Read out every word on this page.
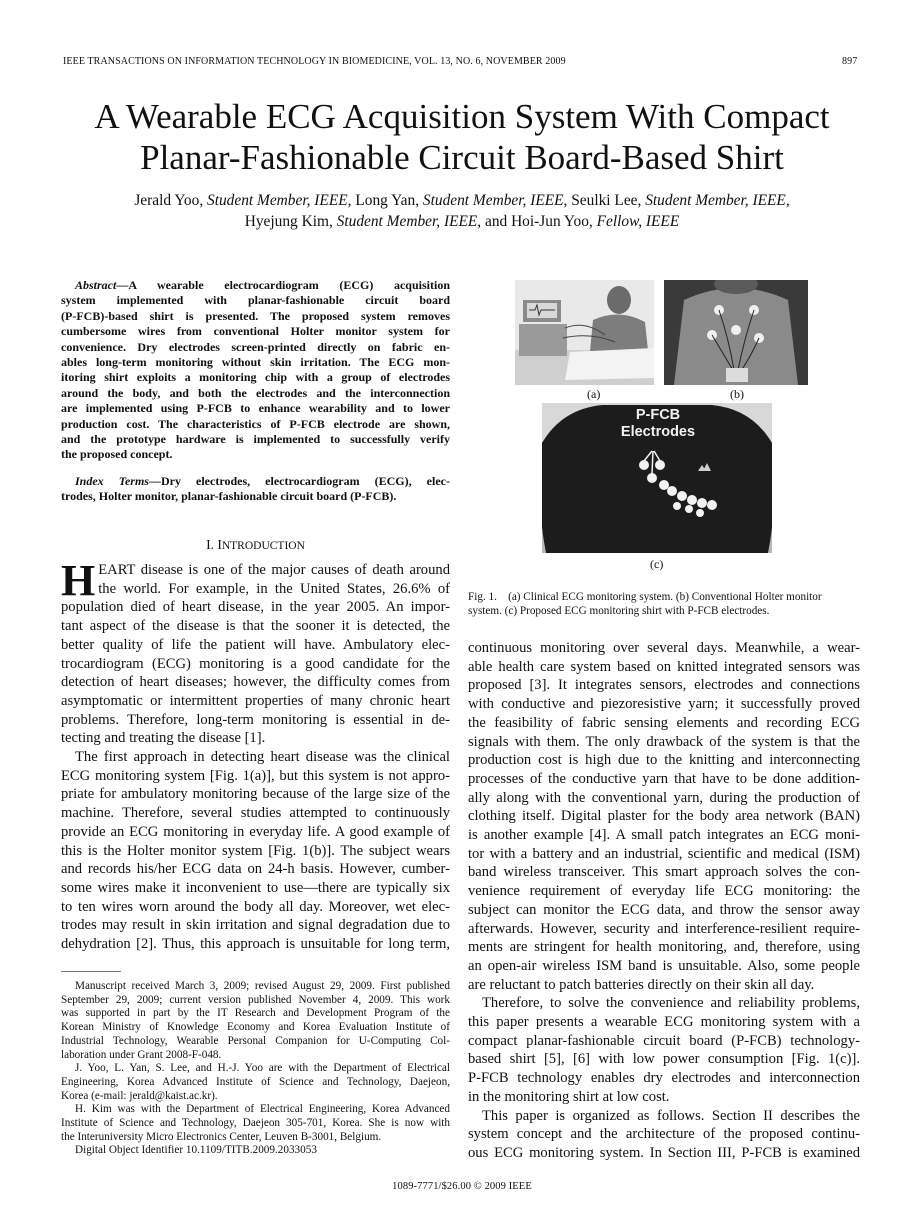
IEEE TRANSACTIONS ON INFORMATION TECHNOLOGY IN BIOMEDICINE, VOL. 13, NO. 6, NOVEMBER 2009	897
A Wearable ECG Acquisition System With Compact
Planar-Fashionable Circuit Board-Based Shirt
Jerald Yoo, Student Member, IEEE, Long Yan, Student Member, IEEE, Seulki Lee, Student Member, IEEE,
Hyejung Kim, Student Member, IEEE, and Hoi-Jun Yoo, Fellow, IEEE

Abstract—A wearable electrocardiogram (ECG) acquisition

system implemented with planar-fashionable circuit board

(P-FCB)-based shirt is presented. The proposed system removes

cumbersome wires from conventional Holter monitor system for

convenience. Dry electrodes screen-printed directly on fabric en-

ables long-term monitoring without skin irritation. The ECG mon-

itoring shirt exploits a monitoring chip with a group of electrodes

around the body, and both the electrodes and the interconnection

are implemented using P-FCB to enhance wearability and to lower

production cost. The characteristics of P-FCB electrode are shown,

and the prototype hardware is implemented to successfully verify

the proposed concept.

Index Terms—Dry electrodes, electrocardiogram (ECG), elec-

trodes, Holter monitor, planar-fashionable circuit board (P-FCB).

I. INTRODUCTION
H EART disease is one of the major causes of death around

the world. For example, in the United States, 26.6% of

population died of heart disease, in the year 2005. An impor-

tant aspect of the disease is that the sooner it is detected, the

better quality of life the patient will have. Ambulatory elec-

trocardiogram (ECG) monitoring is a good candidate for the

detection of heart diseases; however, the difficulty comes from

asymptomatic or intermittent properties of many chronic heart

problems. Therefore, long-term monitoring is essential in de-

tecting and treating the disease [1].

The first approach in detecting heart disease was the clinical

ECG monitoring system [Fig. 1(a)], but this system is not appro-

priate for ambulatory monitoring because of the large size of the

machine. Therefore, several studies attempted to continuously

provide an ECG monitoring in everyday life. A good example of

this is the Holter monitor system [Fig. 1(b)]. The subject wears

and records his/her ECG data on 24-h basis. However, cumber-

some wires make it inconvenient to use—there are typically six

to ten wires worn around the body all day. Moreover, wet elec-

trodes may result in skin irritation and signal degradation due to

dehydration [2]. Thus, this approach is unsuitable for long term,

Manuscript received March 3, 2009; revised August 29, 2009. First published

September 29, 2009; current version published November 4, 2009. This work

was supported in part by the IT Research and Development Program of the

Korean Ministry of Knowledge Economy and Korea Evaluation Institute of

Industrial Technology, Wearable Personal Companion for U-Computing Col-

laboration under Grant 2008-F-048.

J. Yoo, L. Yan, S. Lee, and H.-J. Yoo are with the Department of Electrical

Engineering, Korea Advanced Institute of Science and Technology, Daejeon,

Korea (e-mail: jerald@kaist.ac.kr).

H. Kim was with the Department of Electrical Engineering, Korea Advanced

Institute of Science and Technology, Daejeon 305-701, Korea. She is now with

the Interuniversity Micro Electronics Center, Leuven B-3001, Belgium.

Digital Object Identifier 10.1109/TITB.2009.2033053

(a)	(b)
P-FCB
Electrodes
(c)
Fig. 1.    (a) Clinical ECG monitoring system. (b) Conventional Holter monitor
system. (c) Proposed ECG monitoring shirt with P-FCB electrodes.

continuous monitoring over several days. Meanwhile, a wear-

able health care system based on knitted integrated sensors was

proposed [3]. It integrates sensors, electrodes and connections

with conductive and piezoresistive yarn; it successfully proved

the feasibility of fabric sensing elements and recording ECG

signals with them. The only drawback of the system is that the

production cost is high due to the knitting and interconnecting

processes of the conductive yarn that have to be done addition-

ally along with the conventional yarn, during the production of

clothing itself. Digital plaster for the body area network (BAN)

is another example [4]. A small patch integrates an ECG moni-

tor with a battery and an industrial, scientific and medical (ISM)

band wireless transceiver. This smart approach solves the con-

venience requirement of everyday life ECG monitoring: the

subject can monitor the ECG data, and throw the sensor away

afterwards. However, security and interference-resilient require-

ments are stringent for health monitoring, and, therefore, using

an open-air wireless ISM band is unsuitable. Also, some people

are reluctant to patch batteries directly on their skin all day.

Therefore, to solve the convenience and reliability problems,

this paper presents a wearable ECG monitoring system with a

compact planar-fashionable circuit board (P-FCB) technology-

based shirt [5], [6] with low power consumption [Fig. 1(c)].

P-FCB technology enables dry electrodes and interconnection

in the monitoring shirt at low cost.

This paper is organized as follows. Section II describes the

system concept and the architecture of the proposed continu-

ous ECG monitoring system. In Section III, P-FCB is examined

1089-7771/$26.00 © 2009 IEEE
